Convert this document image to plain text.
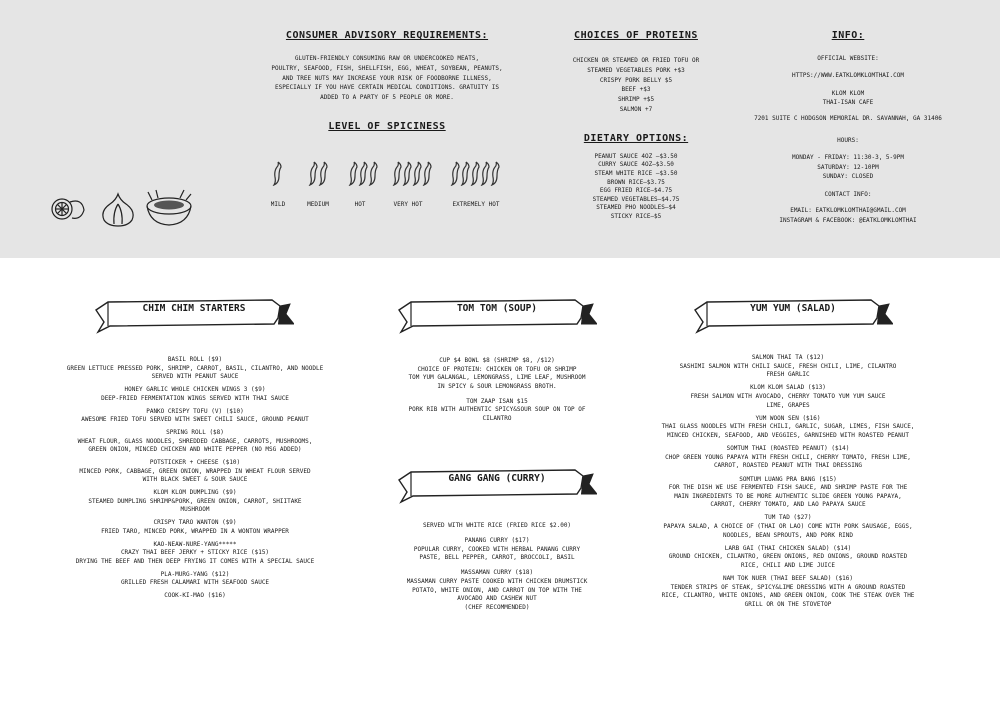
CONSUMER ADVISORY REQUIREMENTS:
GLUTEN-FRIENDLY CONSUMING RAW OR UNDERCOOKED MEATS,
POULTRY, SEAFOOD, FISH, SHELLFISH, EGG, WHEAT, SOYBEAN, PEANUTS,
AND TREE NUTS MAY INCREASE YOUR RISK OF FOODBORNE ILLNESS,
ESPECIALLY IF YOU HAVE CERTAIN MEDICAL CONDITIONS. GRATUITY IS
ADDED TO A PARTY OF 5 PEOPLE OR MORE.
LEVEL OF SPICINESS
MILD	MEDIUM	HOT	VERY HOT	EXTREMELY HOT
CHOICES OF PROTEINS
CHICKEN OR STEAMED OR FRIED TOFU OR
STEAMED VEGETABLES PORK +$3
CRISPY PORK BELLY $5
BEEF +$3
SHRIMP +$5
SALMON +7
DIETARY OPTIONS:
PEANUT SAUCE 4OZ —$3.50
CURRY SAUCE 4OZ—$3.50
STEAM WHITE RICE —$3.50
BROWN RICE—$3.75
EGG FRIED RICE—$4.75
STEAMED VEGETABLES—$4.75
STEAMED PHO NOODLES—$4
STICKY RICE—$5
INFO:
OFFICIAL WEBSITE:
HTTPS://WWW.EATKLOMKLOMTHAI.COM
KLOM KLOM
THAI-ISAN CAFE
7201 SUITE C HODGSON MEMORIAL DR. SAVANNAH, GA 31406
HOURS:
MONDAY - FRIDAY: 11:30-3, 5-9PM
SATURDAY: 12-10PM
SUNDAY: CLOSED
CONTACT INFO:
EMAIL: EATKLOMKLOMTHAI@GMAIL.COM
INSTAGRAM & FACEBOOK: @EATKLOMKLOMTHAI
CHIM CHIM STARTERS	TOM TOM (SOUP)
GANG GANG (CURRY)
YUM YUM (SALAD)
BASIL ROLL ($9)
GREEN LETTUCE PRESSED PORK, SHRIMP, CARROT, BASIL, CILANTRO, AND NOODLE
SERVED WITH PEANUT SAUCE
HONEY GARLIC WHOLE CHICKEN WINGS 3 ($9)
DEEP-FRIED FERMENTATION WINGS SERVED WITH THAI SAUCE
PANKO CRISPY TOFU (V) ($10)
AWESOME FRIED TOFU SERVED WITH SWEET CHILI SAUCE, GROUND PEANUT
SPRING ROLL ($8)
WHEAT FLOUR, GLASS NOODLES, SHREDDED CABBAGE, CARROTS, MUSHROOMS,
GREEN ONION, MINCED CHICKEN AND WHITE PEPPER (NO MSG ADDED)
POTSTICKER + CHEESE ($10)
MINCED PORK, CABBAGE, GREEN ONION, WRAPPED IN WHEAT FLOUR SERVED
WITH BLACK SWEET & SOUR SAUCE
KLOM KLOM DUMPLING ($9)
STEAMED DUMPLING SHRIMP&PORK, GREEN ONION, CARROT, SHIITAKE
MUSHROOM
CRISPY TARO WANTON ($9)
FRIED TARO, MINCED PORK, WRAPPED IN A WONTON WRAPPER
KAO-NEAW-NURE-YANG*****
CRAZY THAI BEEF JERKY + STICKY RICE ($15)
DRYING THE BEEF AND THEN DEEP FRYING IT COMES WITH A SPECIAL SAUCE
PLA-MURG-YANG ($12)
GRILLED FRESH CALAMARI WITH SEAFOOD SAUCE
COOK-KI-MAO ($16)
CUP $4 BOWL $8 (SHRIMP $8, /$12)
CHOICE OF PROTEIN: CHICKEN OR TOFU OR SHRIMP
TOM YUM GALANGAL, LEMONGRASS, LIME LEAF, MUSHROOM
IN SPICY & SOUR LEMONGRASS BROTH.
TOM ZAAP ISAN $15
PORK RIB WITH AUTHENTIC SPICY&SOUR SOUP ON TOP OF
CILANTRO
SERVED WITH WHITE RICE (FRIED RICE $2.00)
PANANG CURRY ($17)
POPULAR CURRY, COOKED WITH HERBAL PANANG CURRY
PASTE, BELL PEPPER, CARROT, BROCCOLI, BASIL
MASSAMAN CURRY ($18)
MASSAMAN CURRY PASTE COOKED WITH CHICKEN DRUMSTICK
POTATO, WHITE ONION, AND CARROT ON TOP WITH THE
AVOCADO AND CASHEW NUT
(CHEF RECOMMENDED)
SALMON THAI TA ($12)
SASHIMI SALMON WITH CHILI SAUCE, FRESH CHILI, LIME, CILANTRO
FRESH GARLIC
KLOM KLOM SALAD ($13)
FRESH SALMON WITH AVOCADO, CHERRY TOMATO YUM YUM SAUCE
LIME, GRAPES
YUM WOON SEN ($16)
THAI GLASS NOODLES WITH FRESH CHILI, GARLIC, SUGAR, LIMES, FISH SAUCE,
MINCED CHICKEN, SEAFOOD, AND VEGGIES, GARNISHED WITH ROASTED PEANUT
SOMTUM THAI (ROASTED PEANUT) ($14)
CHOP GREEN YOUNG PAPAYA WITH FRESH CHILI, CHERRY TOMATO, FRESH LIME,
CARROT, ROASTED PEANUT WITH THAI DRESSING
SOMTUM LUANG PRA BANG ($15)
FOR THE DISH WE USE FERMENTED FISH SAUCE, AND SHRIMP PASTE FOR THE
MAIN INGREDIENTS TO BE MORE AUTHENTIC SLIDE GREEN YOUNG PAPAYA,
CARROT, CHERRY TOMATO, AND LAO PAPAYA SAUCE
TUM TAD ($27)
PAPAYA SALAD, A CHOICE OF (THAI OR LAO) COME WITH PORK SAUSAGE, EGGS,
NOODLES, BEAN SPROUTS, AND PORK RIND
LARB GAI (THAI CHICKEN SALAD) ($14)
GROUND CHICKEN, CILANTRO, GREEN ONIONS, RED ONIONS, GROUND ROASTED
RICE, CHILI AND LIME JUICE
NAM TOK NUER (THAI BEEF SALAD) ($16)
TENDER STRIPS OF STEAK, SPICY&LIME DRESSING WITH A GROUND ROASTED
RICE, CILANTRO, WHITE ONIONS, AND GREEN ONION, COOK THE STEAK OVER THE
GRILL OR ON THE STOVETOP
